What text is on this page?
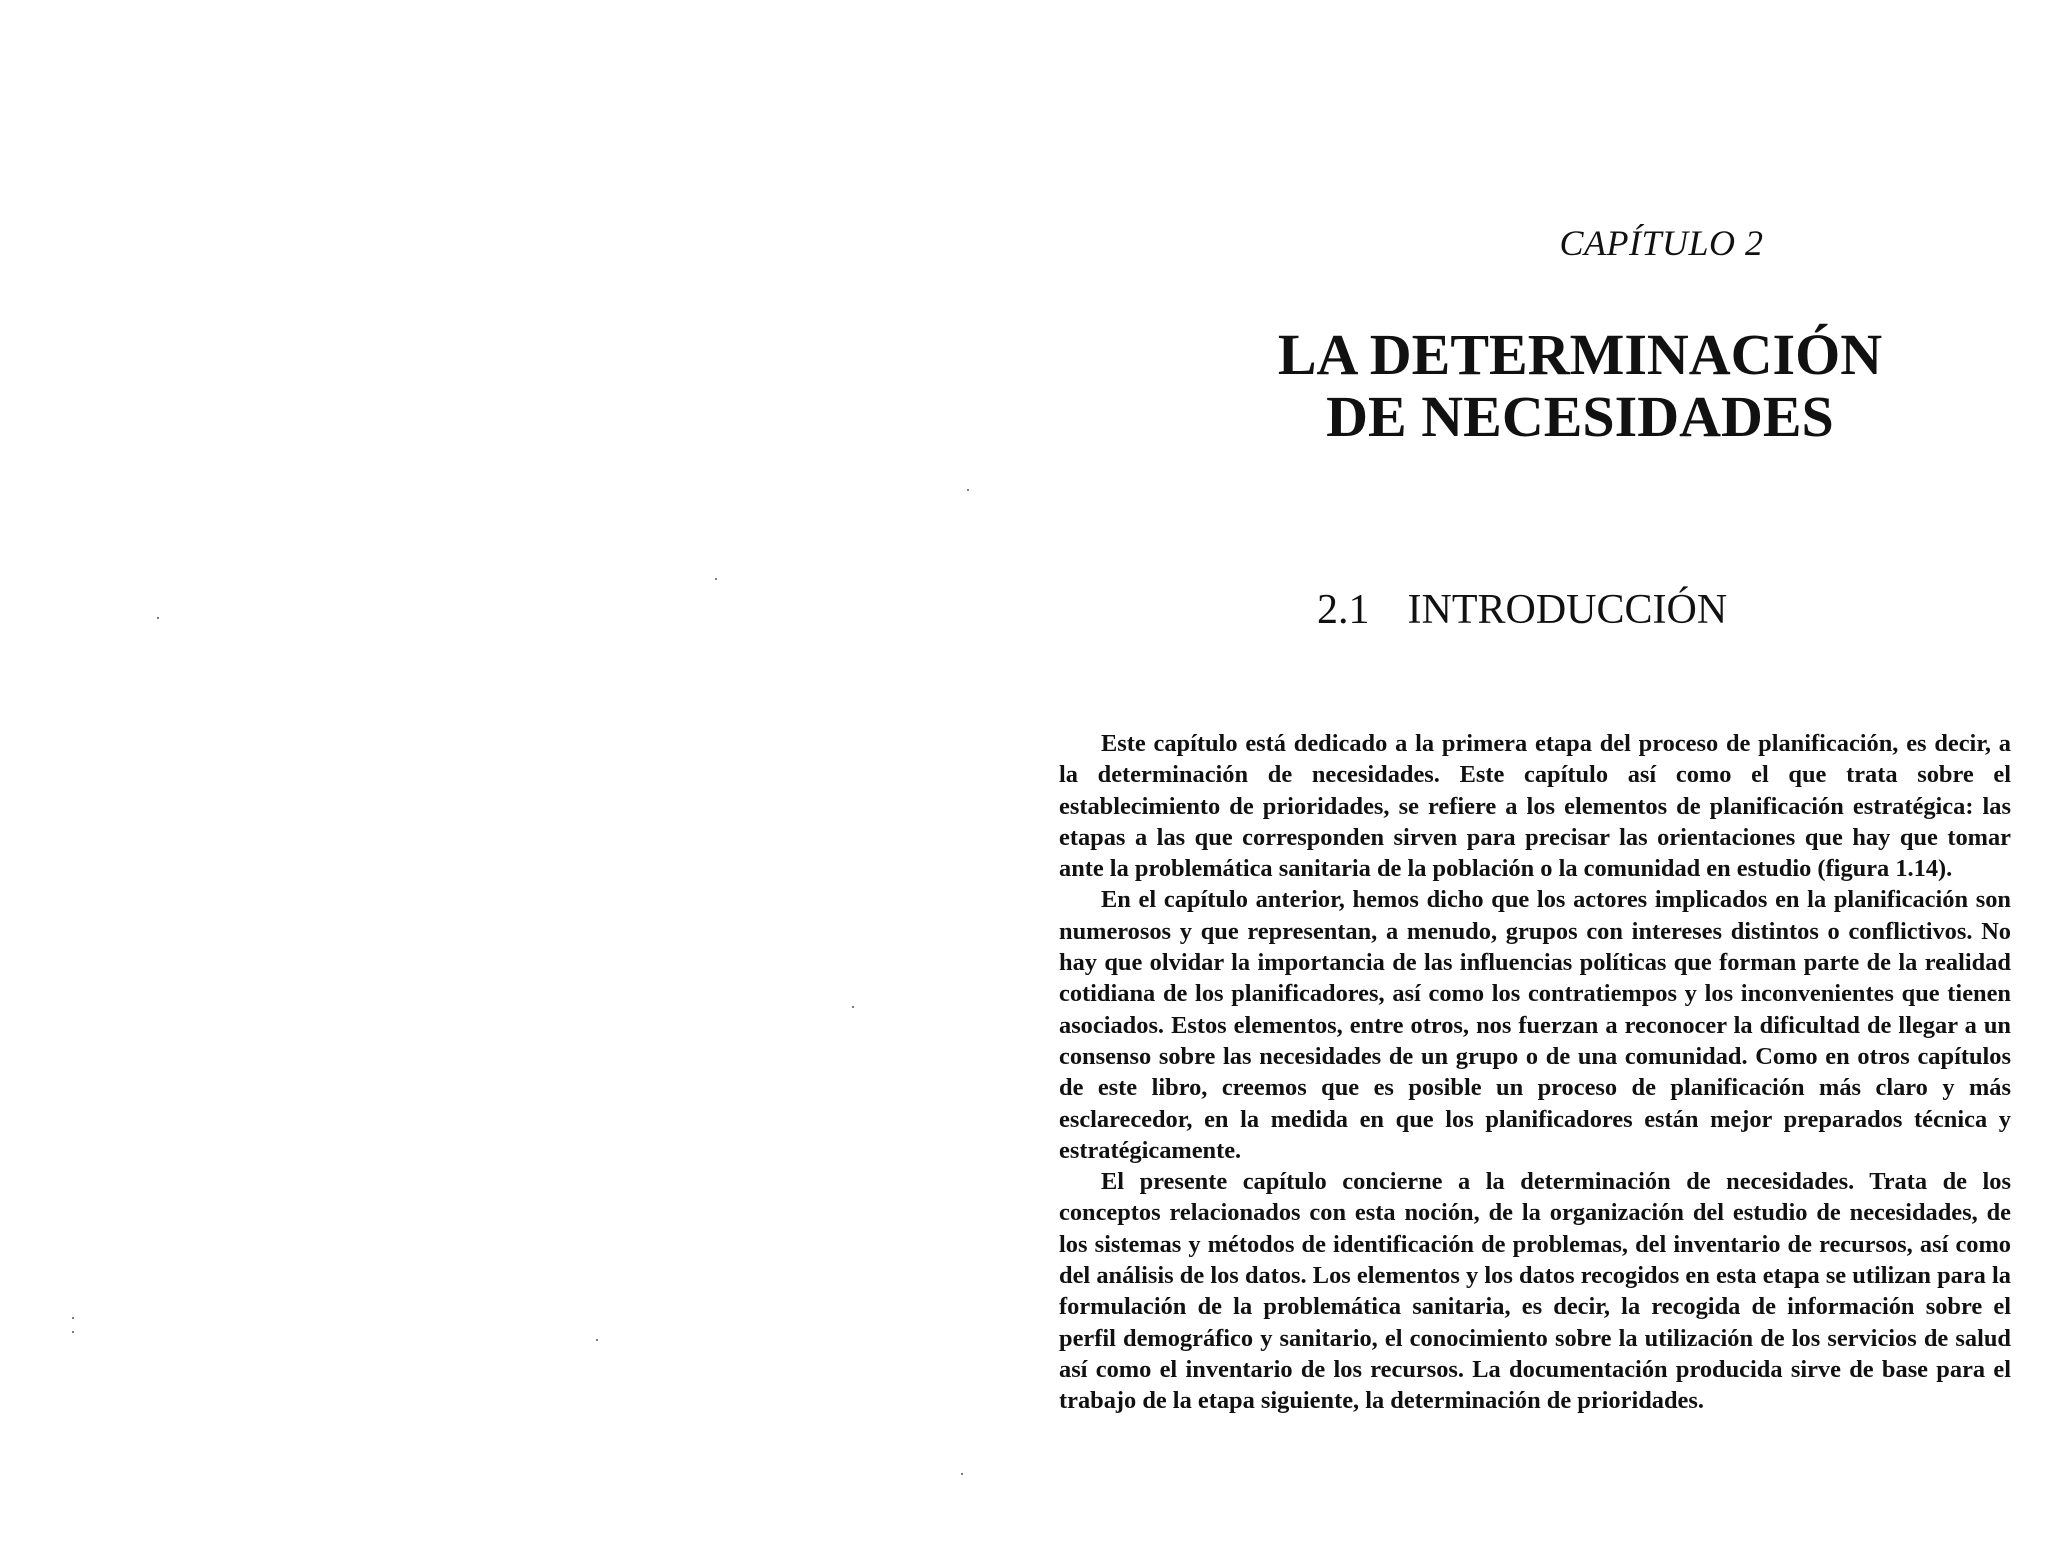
CAPÍTULO 2
LA DETERMINACIÓN
DE NECESIDADES
2.1 INTRODUCCIÓN

Este capítulo está dedicado a la primera etapa del proceso de planificación, es decir, a la determinación de necesidades. Este capítulo así como el que trata sobre el establecimiento de prioridades, se refiere a los elementos de planificación estratégica: las etapas a las que corresponden sirven para precisar las orientaciones que hay que tomar ante la problemática sanitaria de la población o la comunidad en estudio (figura 1.14).

En el capítulo anterior, hemos dicho que los actores implicados en la planificación son numerosos y que representan, a menudo, grupos con intereses distintos o conflictivos. No hay que olvidar la importancia de las influencias políticas que forman parte de la realidad cotidiana de los planificadores, así como los contratiempos y los inconvenientes que tienen asociados. Estos elementos, entre otros, nos fuerzan a reconocer la dificultad de llegar a un consenso sobre las necesidades de un grupo o de una comunidad. Como en otros capítulos de este libro, creemos que es posible un proceso de planificación más claro y más esclarecedor, en la medida en que los planificadores están mejor preparados técnica y estratégicamente.

El presente capítulo concierne a la determinación de necesidades. Trata de los conceptos relacionados con esta noción, de la organización del estudio de necesidades, de los sistemas y métodos de identificación de problemas, del inventario de recursos, así como del análisis de los datos. Los elementos y los datos recogidos en esta etapa se utilizan para la formulación de la problemática sanitaria, es decir, la recogida de información sobre el perfil demográfico y sanitario, el conocimiento sobre la utilización de los servicios de salud así como el inventario de los recursos. La documentación producida sirve de base para el trabajo de la etapa siguiente, la determinación de prioridades.
